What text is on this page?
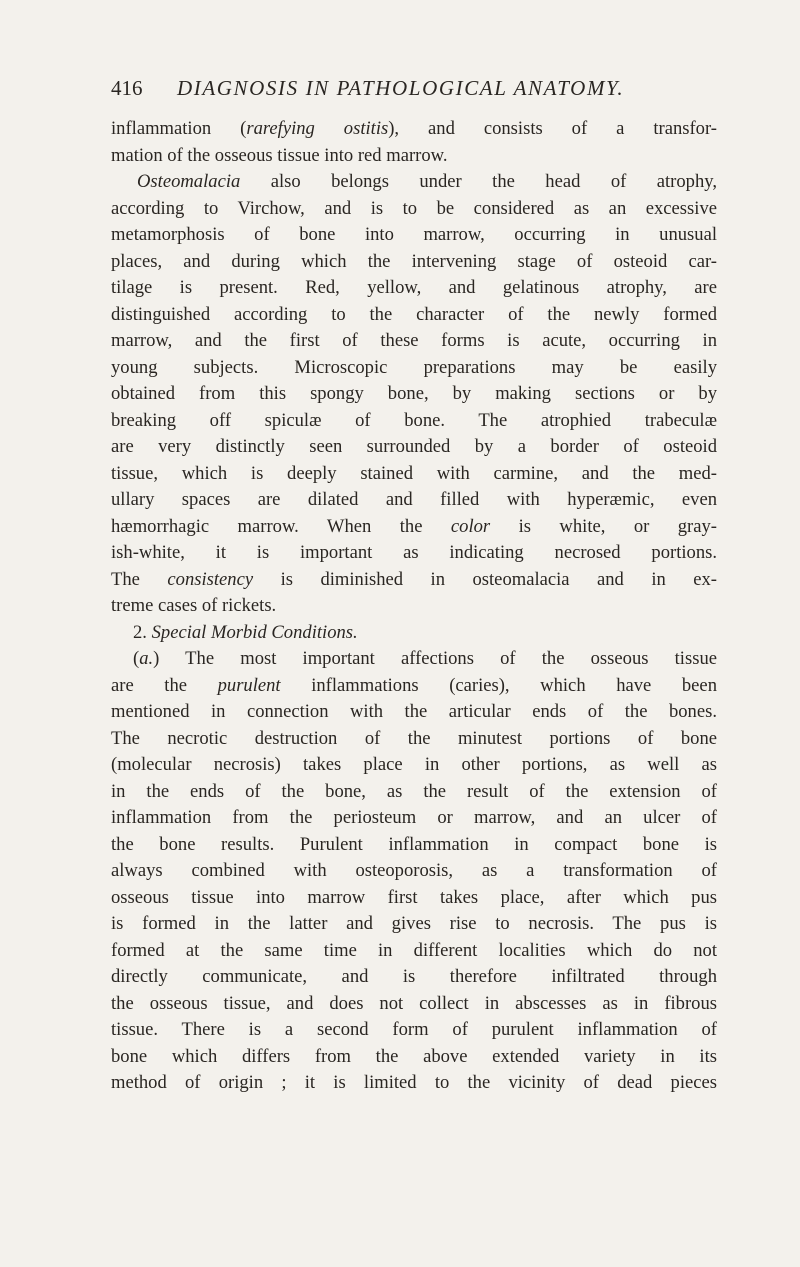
416 DIAGNOSIS IN PATHOLOGICAL ANATOMY.
inflammation (rarefying ostitis), and consists of a transfor-
mation of the osseous tissue into red marrow.
Osteomalacia also belongs under the head of atrophy,
according to Virchow, and is to be considered as an excessive
metamorphosis of bone into marrow, occurring in unusual
places, and during which the intervening stage of osteoid car-
tilage is present. Red, yellow, and gelatinous atrophy, are
distinguished according to the character of the newly formed
marrow, and the first of these forms is acute, occurring in
young subjects. Microscopic preparations may be easily
obtained from this spongy bone, by making sections or by
breaking off spiculæ of bone. The atrophied trabeculæ
are very distinctly seen surrounded by a border of osteoid
tissue, which is deeply stained with carmine, and the med-
ullary spaces are dilated and filled with hyperæmic, even
hæmorrhagic marrow. When the color is white, or gray-
ish-white, it is important as indicating necrosed portions.
The consistency is diminished in osteomalacia and in ex-
treme cases of rickets.
2. Special Morbid Conditions.
(a.) The most important affections of the osseous tissue
are the purulent inflammations (caries), which have been
mentioned in connection with the articular ends of the bones.
The necrotic destruction of the minutest portions of bone
(molecular necrosis) takes place in other portions, as well as
in the ends of the bone, as the result of the extension of
inflammation from the periosteum or marrow, and an ulcer of
the bone results. Purulent inflammation in compact bone is
always combined with osteoporosis, as a transformation of
osseous tissue into marrow first takes place, after which pus
is formed in the latter and gives rise to necrosis. The pus is
formed at the same time in different localities which do not
directly communicate, and is therefore infiltrated through
the osseous tissue, and does not collect in abscesses as in fibrous
tissue. There is a second form of purulent inflammation of
bone which differs from the above extended variety in its
method of origin ; it is limited to the vicinity of dead pieces
